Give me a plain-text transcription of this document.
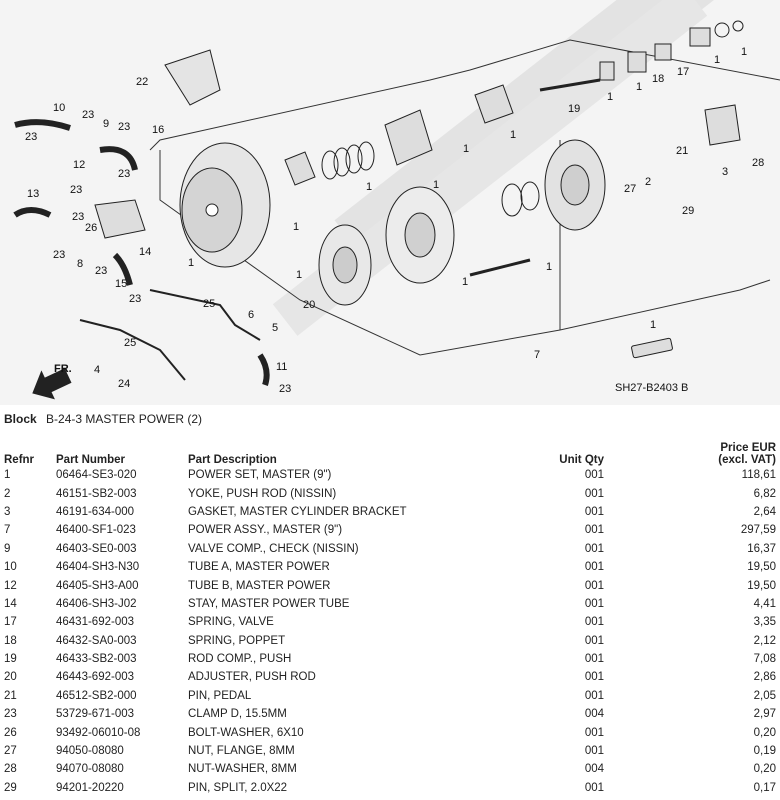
FR.
22
16
10
23
9 23
23
12
23
13	23
23
26
23
8
23
14
15
23	25
6
5
25
4
24
11
23
7
1
1
1
20
1	1
1
1
1
1
19
1
1
18
17
1
1
21
3
28
27
2
29
1
SH27-B2403 B
Block B-24-3 MASTER POWER (2)
Refnr	Part Number	Part Description	Unit Qty	Price EUR
(excl. VAT)

1	06464-SE3-020	POWER SET, MASTER (9")	001	118,61
2	46151-SB2-003	YOKE, PUSH ROD (NISSIN)	001	6,82
3	46191-634-000	GASKET, MASTER CYLINDER BRACKET	001	2,64
7	46400-SF1-023	POWER ASSY., MASTER (9")	001	297,59
9	46403-SE0-003	VALVE COMP., CHECK (NISSIN)	001	16,37
10	46404-SH3-N30	TUBE A, MASTER POWER	001	19,50
12	46405-SH3-A00	TUBE B, MASTER POWER	001	19,50
14	46406-SH3-J02	STAY, MASTER POWER TUBE	001	4,41
17	46431-692-003	SPRING, VALVE	001	3,35
18	46432-SA0-003	SPRING, POPPET	001	2,12
19	46433-SB2-003	ROD COMP., PUSH	001	7,08
20	46443-692-003	ADJUSTER, PUSH ROD	001	2,86
21	46512-SB2-000	PIN, PEDAL	001	2,05
23	53729-671-003	CLAMP D, 15.5MM	004	2,97
26	93492-06010-08	BOLT-WASHER, 6X10	001	0,20
27	94050-08080	NUT, FLANGE, 8MM	001	0,19
28	94070-08080	NUT-WASHER, 8MM	004	0,20
29	94201-20220	PIN, SPLIT, 2.0X22	001	0,17
